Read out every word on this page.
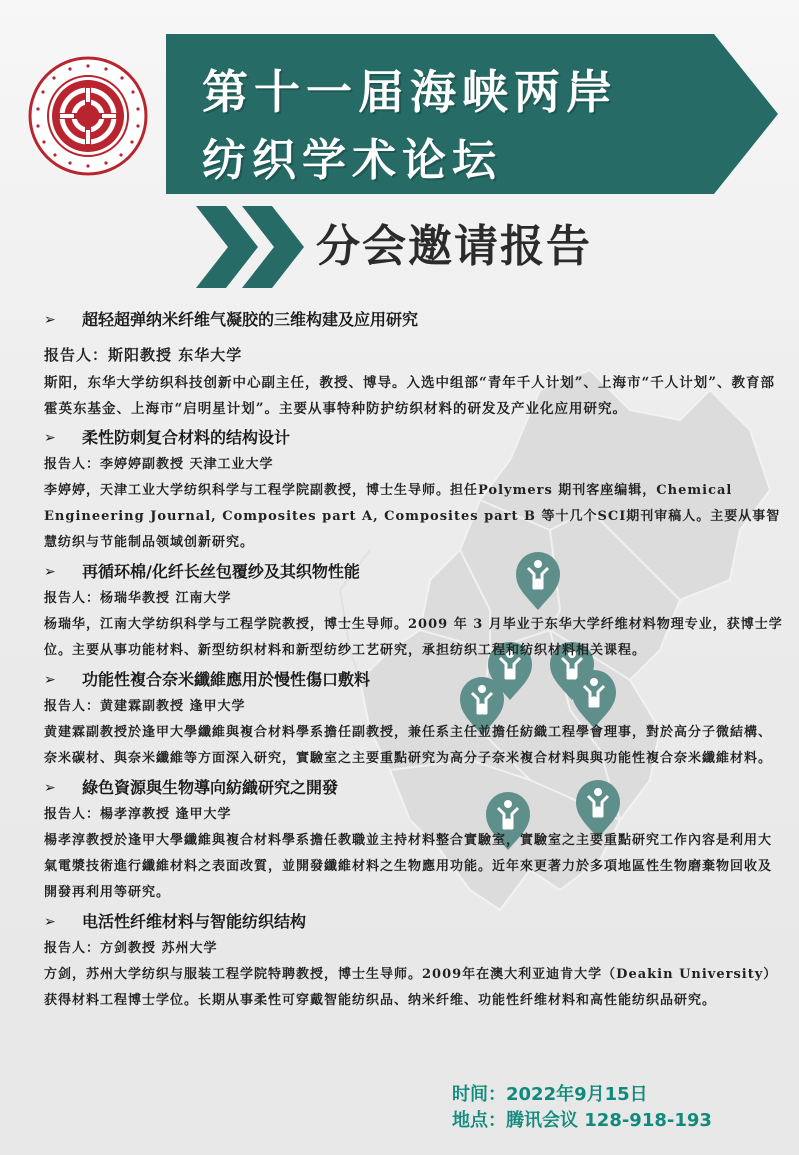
第十一届海峡两岸
纺织学术论坛
分会邀请报告
➢	超轻超弹纳米纤维气凝胶的三维构建及应用研究
报告人：斯阳教授 东华大学
斯阳，东华大学纺织科技创新中心副主任，教授、博导。入选中组部“青年千人计划”、上海市“千人计划”、教育部霍英东基金、上海市“启明星计划”。主要从事特种防护纺织材料的研发及产业化应用研究。
➢	柔性防刺复合材料的结构设计
报告人：李婷婷副教授 天津工业大学
李婷婷，天津工业大学纺织科学与工程学院副教授，博士生导师。担任Polymers 期刊客座编辑，Chemical Engineering Journal, Composites part A, Composites part B 等十几个SCI期刊审稿人。主要从事智慧纺织与节能制品领域创新研究。
➢	再循环棉/化纤长丝包覆纱及其织物性能
报告人：杨瑞华教授 江南大学
杨瑞华，江南大学纺织科学与工程学院教授，博士生导师。2009 年 3 月毕业于东华大学纤维材料物理专业，获博士学位。主要从事功能材料、新型纺织材料和新型纺纱工艺研究，承担纺织工程和纺织材料相关课程。
➢	功能性複合奈米纖維應用於慢性傷口敷料
报告人：黄建霖副教授 逢甲大学
黄建霖副教授於逢甲大學纖維與複合材料學系擔任副教授，兼任系主任並擔任紡織工程學會理事，對於高分子微結構、奈米碳材、與奈米纖維等方面深入研究，實驗室之主要重點研究为高分子奈米複合材料與與功能性複合奈米纖維材料。
➢	綠色資源與生物導向紡織研究之開發
报告人：楊孝淳教授 逢甲大学
楊孝淳教授於逢甲大學纖維與複合材料學系擔任教職並主持材料整合實驗室，實驗室之主要重點研究工作內容是利用大氣電漿技術進行纖維材料之表面改質，並開發纖維材料之生物應用功能。近年來更著力於多項地區性生物磨棄物回收及開發再利用等研究。
➢	电活性纤维材料与智能纺织结构
报告人：方剑教授 苏州大学
方剑，苏州大学纺织与服装工程学院特聘教授，博士生导师。2009年在澳大利亚迪肯大学（Deakin University）获得材料工程博士学位。长期从事柔性可穿戴智能纺织品、纳米纤维、功能性纤维材料和高性能纺织品研究。
时间：2022年9月15日
地点：腾讯会议 128-918-193
